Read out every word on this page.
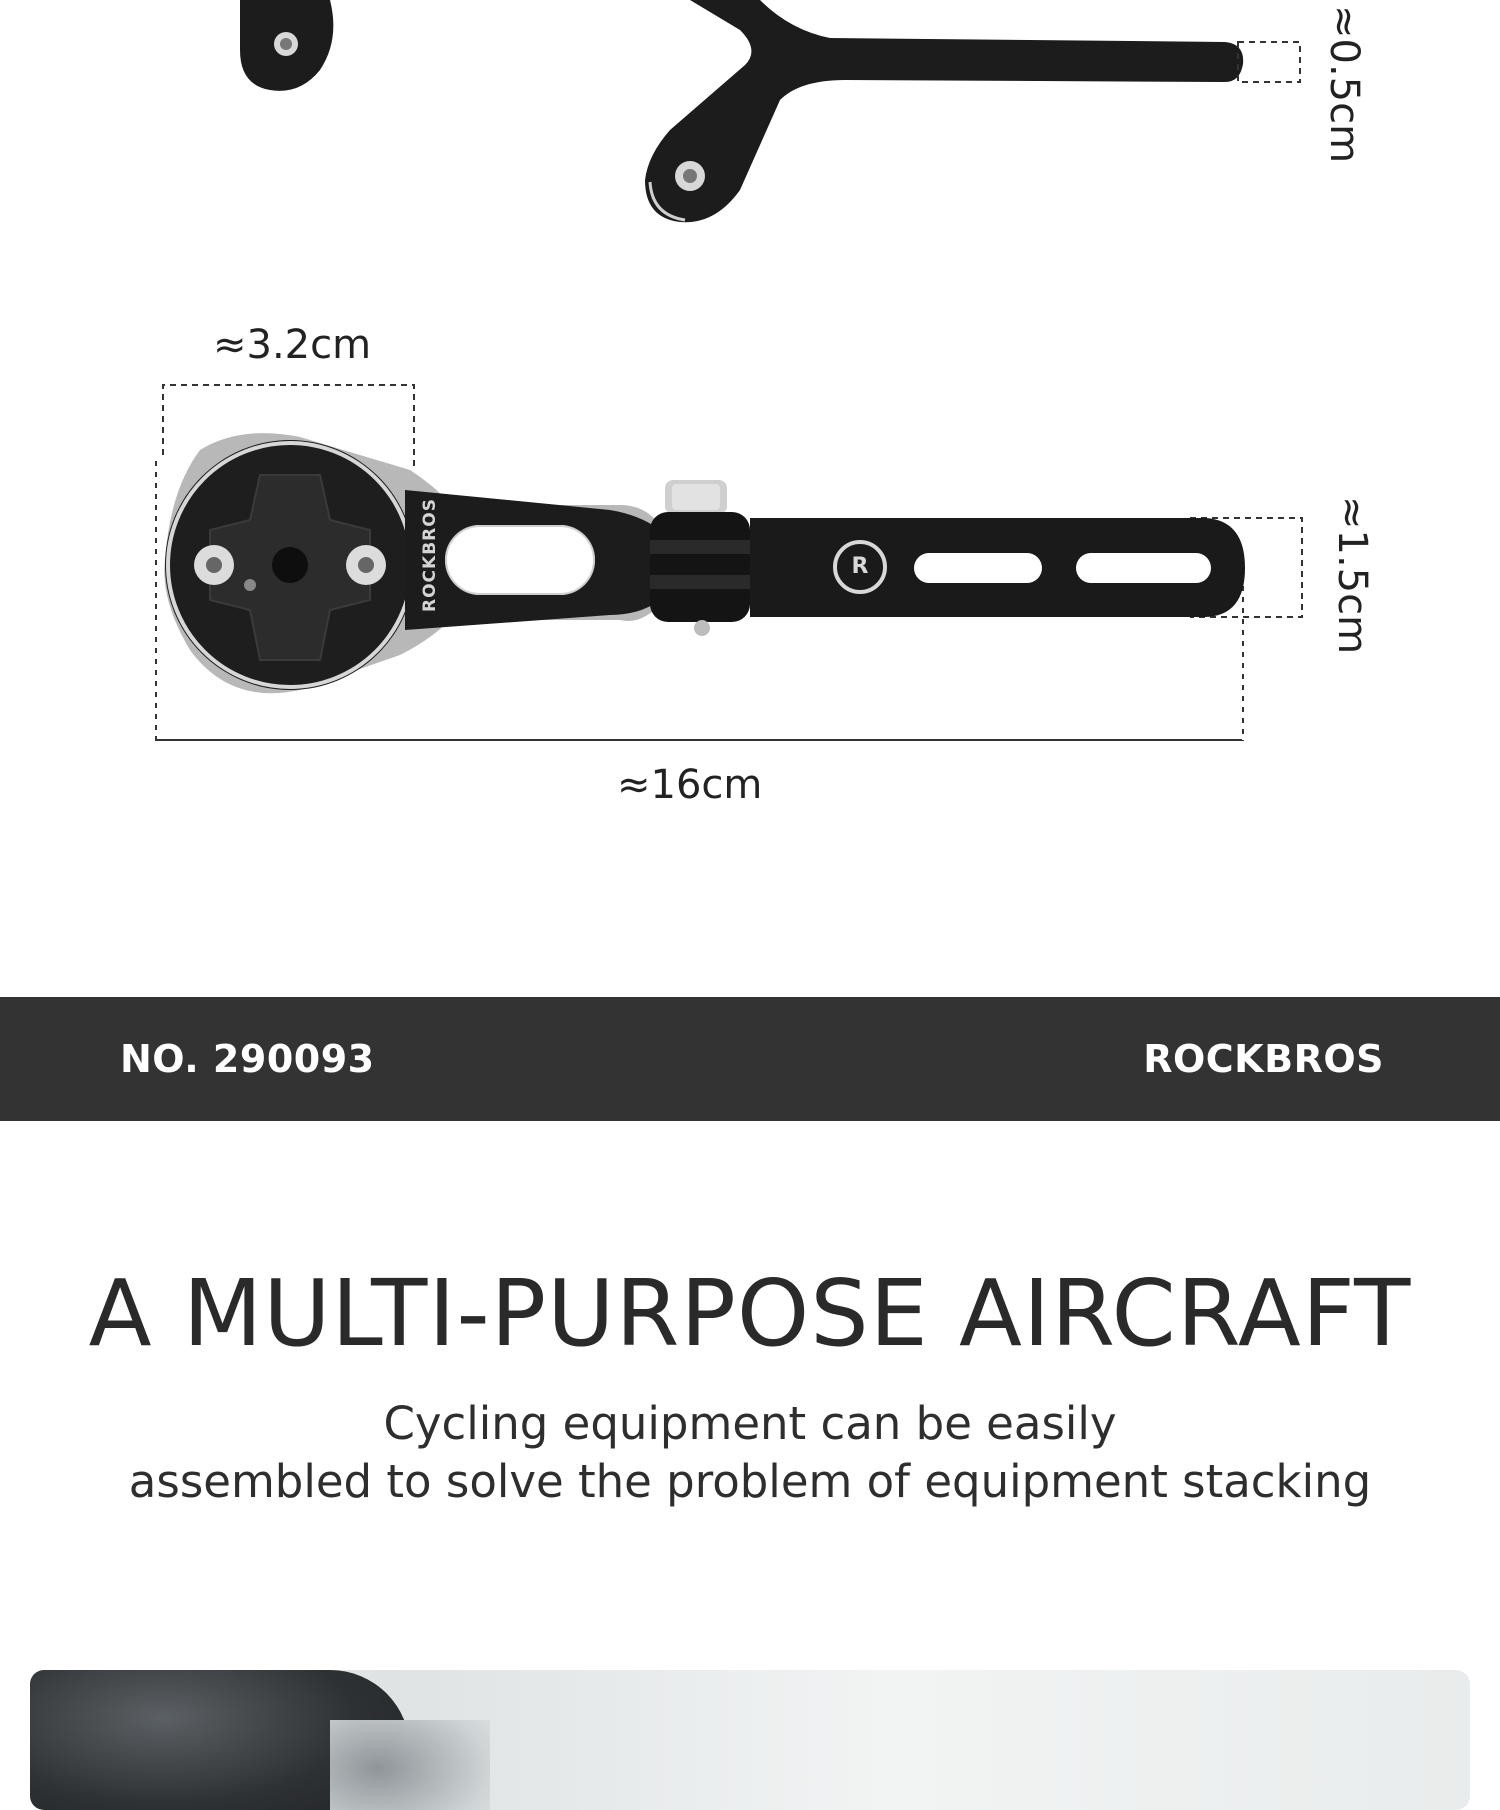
R
ROCKBROS
≈0.5cm
≈3.2cm
≈1.5cm
≈16cm
NO. 290093	ROCKBROS
A MULTI-PURPOSE AIRCRAFT
Cycling equipment can be easily
assembled to solve the problem of equipment stacking
